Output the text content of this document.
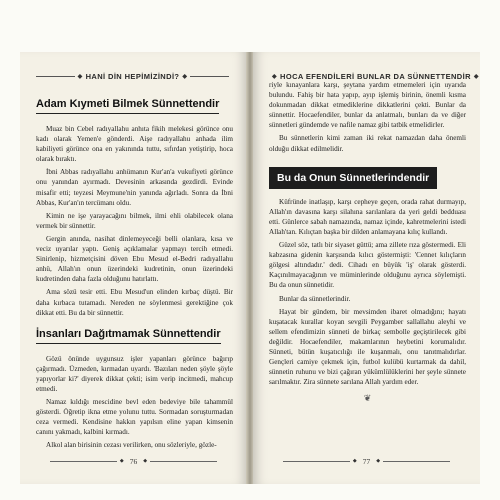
◆ HANİ DİN HEPİMİZİNDİ? ◆
Adam Kıymeti Bilmek Sünnettendir

Muaz bin Cebel radıyallahu anhıta fikih melekesi görünce onu kadı olarak Yemen'e gönderdi. Aişe radıyallahu anhada ilim kabiliyeti görünce ona en yakınında tuttu, sıfırdan yetiştirip, hoca olarak bıraktı.

İbni Abbas radıyallahu anhümanın Kur'an'a vukufiyeti görünce onu yanından ayırmadı. Devesinin arkasında gezdirdi. Evinde misafir etti; teyzesi Meymune'nin yanında ağırladı. Sonra da İbni Abbas, Kur'an'ın tercümanı oldu.

Kimin ne işe yarayacağını bilmek, ilmi ehli olabilecek olana vermek bir sünnettir.

Gergin anında, nasihat dinlemeyeceği belli olanlara, kısa ve veciz uyarılar yaptı. Geniş açıklamalar yapmayı tercih etmedi. Sinirlenip, hizmetçisini döven Ebu Mesud el-Bedri radıyallahu anhü, Allah'ın onun üzerindeki kudretinin, onun üzerindeki kudretinden daha fazla olduğunu hatırlattı.

Ama sözü tesir etti. Ebu Mesud'un elinden kırbaç düştü. Bir daha kırbaca tutamadı. Nereden ne söylenmesi gerektiğine çok dikkat etti. Bu da bir sünnettir.

İnsanları Dağıtmamak Sünnettendir

Gözü önünde uygunsuz işler yapanları görünce bağırıp çağırmadı. Üzmeden, kırmadan uyardı. 'Bazıları neden şöyle şöyle yapıyorlar ki?' diyerek dikkat çekti; isim verip incitmedi, mahcup etmedi.

Namaz kıldığı mescidine bevl eden bedeviye bile tahammül gösterdi. Öğretip ikna etme yolunu tuttu. Sormadan soruşturmadan ceza vermedi. Kendisine hakkın yapılsın eline yapan kimsenin canını yakmadı, kalbini kırmadı.

Alkol alan birisinin cezası verilirken, onu sözleriyle, gözle-

◆ 76 ◆
◆ HOCA EFENDİLERİ BUNLAR DA SÜNNETTENDİR ◆

riyle kınayanlara karşı, şeytana yardım etmemeleri için uyarıda bulundu. Fahiş bir hata yapıp, ayıp işlemiş birinin, önemli kısma dokunmadan dikkat etmediklerine dikkatlerini çekti. Bunlar da sünnettir. Hocaefendiler, bunlar da anlatmalı, bunları da ve diğer sünnetleri gündemde ve nafile namaz gibi tatbik etmelidirler.

Bu sünnetlerin kimi zaman iki rekat namazdan daha önemli olduğu dikkat edilmelidir.

Bu da Onun Sünnetlerindendir

Küfründe inatlaşıp, karşı cepheye geçen, orada rahat durmayıp, Allah'ın davasına karşı silahına sarılanlara da yeri geldi bedduası etti. Günlerce sabah namazında, namaz içinde, kahretmelerini istedi Allah'tan. Kılıçtan başka bir dilden anlamayana kılıç kullandı.

Güzel söz, tatlı bir siyaset güttü; ama zillete rıza göstermedi. Eli kabzasına gidenin karşısında kılıcı göstermişti: 'Cennet kılıçların gölgesi altındadır.' dedi. Cihadı en büyük 'iş' olarak gösterdi. Kaçınılmayacağının ve müminlerinde olduğunu ayrıca söylemişti. Bu da onun sünnetidir.

Bunlar da sünnetlerindir.

Hayat bir gündem, bir mevsimden ibaret olmadığını; hayatı kuşatacak kurallar koyan sevgili Peygamber sallallahu aleyhi ve sellem efendimizin sünneti de birkaç sembolle geçiştirilecek gibi değildir. Hocaefendiler, makamlarının heybetini korumalıdır. Sünneti, bütün kuşatıcılığı ile kuşanmalı, onu tanıtmalıdırlar. Gençleri camiye çekmek için, futbol kulübü kurtarmak da dahil, sünnetin ruhunu ve bizi çağıran yükümlülüklerini her şeyle sünnete sarılmaktır. Zira sünnete sarılana Allah yardım eder.

❦
◆ 77 ◆
